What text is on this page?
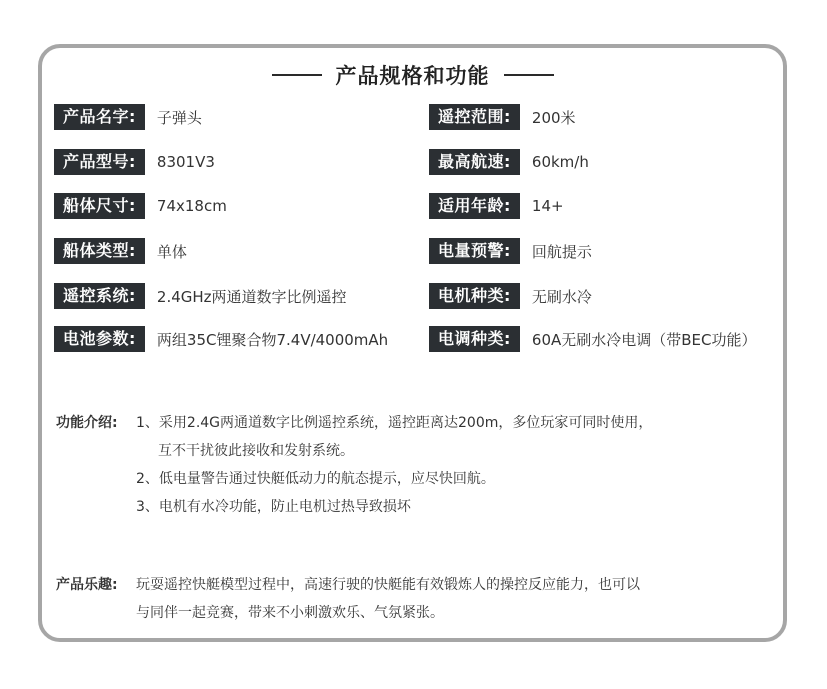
产品规格和功能
产品名字:	子弹头
产品型号:	8301V3
船体尺寸:	74x18cm
船体类型:	单体
遥控系统:	2.4GHz两通道数字比例遥控
电池参数:	两组35C锂聚合物7.4V/4000mAh
遥控范围:	200米
最高航速:	60km/h
适用年龄:	14+
电量预警:	回航提示
电机种类:	无刷水冷
电调种类:	60A无刷水冷电调（带BEC功能）
功能介绍: 1、采用2.4G两通道数字比例遥控系统，遥控距离达200m，多位玩家可同时使用，
互不干扰彼此接收和发射系统。
2、低电量警告通过快艇低动力的航态提示，应尽快回航。
3、电机有水冷功能，防止电机过热导致损坏
产品乐趣: 玩耍遥控快艇模型过程中，高速行驶的快艇能有效锻炼人的操控反应能力，也可以
与同伴一起竞赛，带来不小刺激欢乐、气氛紧张。
